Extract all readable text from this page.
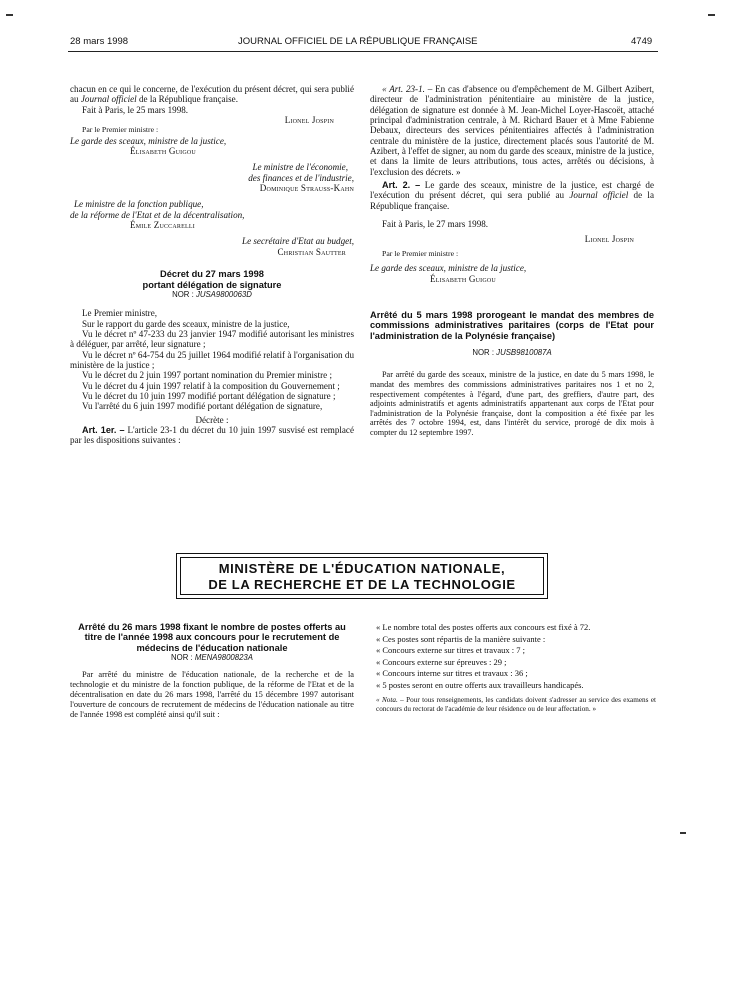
28 mars 1998	JOURNAL OFFICIEL DE LA RÉPUBLIQUE FRANÇAISE	4749

chacun en ce qui le concerne, de l'exécution du présent décret, qui sera publié au Journal officiel de la République française.

Fait à Paris, le 25 mars 1998.

Lionel Jospin

Par le Premier ministre :

Le garde des sceaux, ministre de la justice,

Élisabeth Guigou

Le ministre de l'économie,

des finances et de l'industrie,

Dominique Strauss-Kahn

Le ministre de la fonction publique,

de la réforme de l'Etat et de la décentralisation,

Émile Zuccarelli

Le secrétaire d'Etat au budget,

Christian Sautter

Décret du 27 mars 1998

portant délégation de signature

NOR : JUSA9800063D

Le Premier ministre,

Sur le rapport du garde des sceaux, ministre de la justice,

Vu le décret nº 47-233 du 23 janvier 1947 modifié autorisant les ministres à déléguer, par arrêté, leur signature ;

Vu le décret nº 64-754 du 25 juillet 1964 modifié relatif à l'organisation du ministère de la justice ;

Vu le décret du 2 juin 1997 portant nomination du Premier ministre ;

Vu le décret du 4 juin 1997 relatif à la composition du Gouvernement ;

Vu le décret du 10 juin 1997 modifié portant délégation de signature ;

Vu l'arrêté du 6 juin 1997 modifié portant délégation de signature,

Décrète :

Art. 1er. – L'article 23-1 du décret du 10 juin 1997 susvisé est remplacé par les dispositions suivantes :

« Art. 23-1. – En cas d'absence ou d'empêchement de M. Gilbert Azibert, directeur de l'administration pénitentiaire au ministère de la justice, délégation de signature est donnée à M. Jean-Michel Loyer-Hascoët, attaché principal d'administration centrale, à M. Richard Bauer et à Mme Fabienne Debaux, directeurs des services pénitentiaires affectés à l'administration centrale du ministère de la justice, directement placés sous l'autorité de M. Azibert, à l'effet de signer, au nom du garde des sceaux, ministre de la justice, et dans la limite de leurs attributions, tous actes, arrêtés ou décisions, à l'exclusion des décrets. »

Art. 2. – Le garde des sceaux, ministre de la justice, est chargé de l'exécution du présent décret, qui sera publié au Journal officiel de la République française.

Fait à Paris, le 27 mars 1998.

Lionel Jospin

Par le Premier ministre :

Le garde des sceaux, ministre de la justice,

Élisabeth Guigou

Arrêté du 5 mars 1998 prorogeant le mandat des membres de commissions administratives paritaires (corps de l'Etat pour l'administration de la Polynésie française)

NOR : JUSB9810087A

Par arrêté du garde des sceaux, ministre de la justice, en date du 5 mars 1998, le mandat des membres des commissions administratives paritaires nos 1 et no 2, respectivement compétentes à l'égard, d'une part, des greffiers, d'autre part, des adjoints administratifs et agents administratifs appartenant aux corps de l'Etat pour l'administration de la Polynésie française, dont la composition a été fixée par les arrêtés des 7 octobre 1994, est, dans l'intérêt du service, prorogé de dix mois à compter du 12 septembre 1997.

MINISTÈRE DE L'ÉDUCATION NATIONALE,
DE LA RECHERCHE ET DE LA TECHNOLOGIE

Arrêté du 26 mars 1998 fixant le nombre de postes offerts au titre de l'année 1998 aux concours pour le recrutement de médecins de l'éducation nationale

NOR : MENA9800823A

Par arrêté du ministre de l'éducation nationale, de la recherche et de la technologie et du ministre de la fonction publique, de la réforme de l'Etat et de la décentralisation en date du 26 mars 1998, l'arrêté du 15 décembre 1997 autorisant l'ouverture de concours de recrutement de médecins de l'éducation nationale au titre de l'année 1998 est complété ainsi qu'il suit :

« Le nombre total des postes offerts aux concours est fixé à 72.

« Ces postes sont répartis de la manière suivante :

« Concours externe sur titres et travaux : 7 ;

« Concours externe sur épreuves : 29 ;

« Concours interne sur titres et travaux : 36 ;

« 5 postes seront en outre offerts aux travailleurs handicapés.

« Nota. – Pour tous renseignements, les candidats doivent s'adresser au service des examens et concours du rectorat de l'académie de leur résidence ou de leur affectation. »
